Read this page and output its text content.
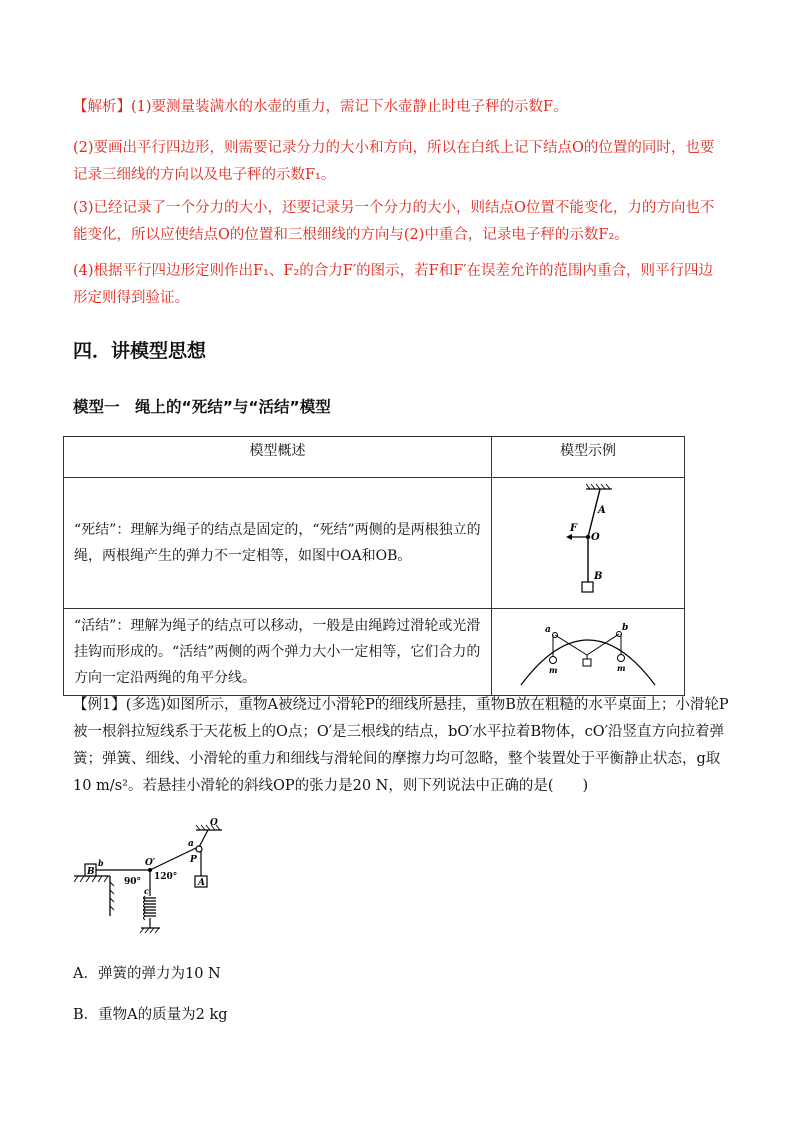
【解析】(1)要测量装满水的水壶的重力，需记下水壶静止时电子秤的示数F。

(2)要画出平行四边形，则需要记录分力的大小和方向，所以在白纸上记下结点O的位置的同时，也要记录三细线的方向以及电子秤的示数F₁。

(3)已经记录了一个分力的大小，还要记录另一个分力的大小，则结点O位置不能变化，力的方向也不能变化，所以应使结点O的位置和三根细线的方向与(2)中重合，记录电子秤的示数F₂。

(4)根据平行四边形定则作出F₁、F₂的合力F′的图示，若F和F′在误差允许的范围内重合，则平行四边形定则得到验证。

四．讲模型思想
模型一　绳上的“死结”与“活结”模型
模型概述	模型示例

“死结”：理解为绳子的结点是固定的，“死结”两侧的是两根独立的绳，两根绳产生的弹力不一定相等，如图中OA和OB。	A
F
O
B

“活结”：理解为绳子的结点可以移动，一般是由绳跨过滑轮或光滑挂钩而形成的。“活结”两侧的两个弹力大小一定相等，它们合力的方向一定沿两绳的角平分线。	a b
m m
【例1】(多选)如图所示，重物A被绕过小滑轮P的细线所悬挂，重物B放在粗糙的水平桌面上；小滑轮P被一根斜拉短线系于天花板上的O点；O′是三根线的结点，bO′水平拉着B物体，cO′沿竖直方向拉着弹簧；弹簧、细线、小滑轮的重力和细线与滑轮间的摩擦力均可忽略，整个装置处于平衡静止状态，g取10 m/s²。若悬挂小滑轮的斜线OP的张力是20 N，则下列说法中正确的是(　　)
O
a
P
O′
b
B
A
c
90° 120°
A．弹簧的弹力为10 N
B．重物A的质量为2 kg
